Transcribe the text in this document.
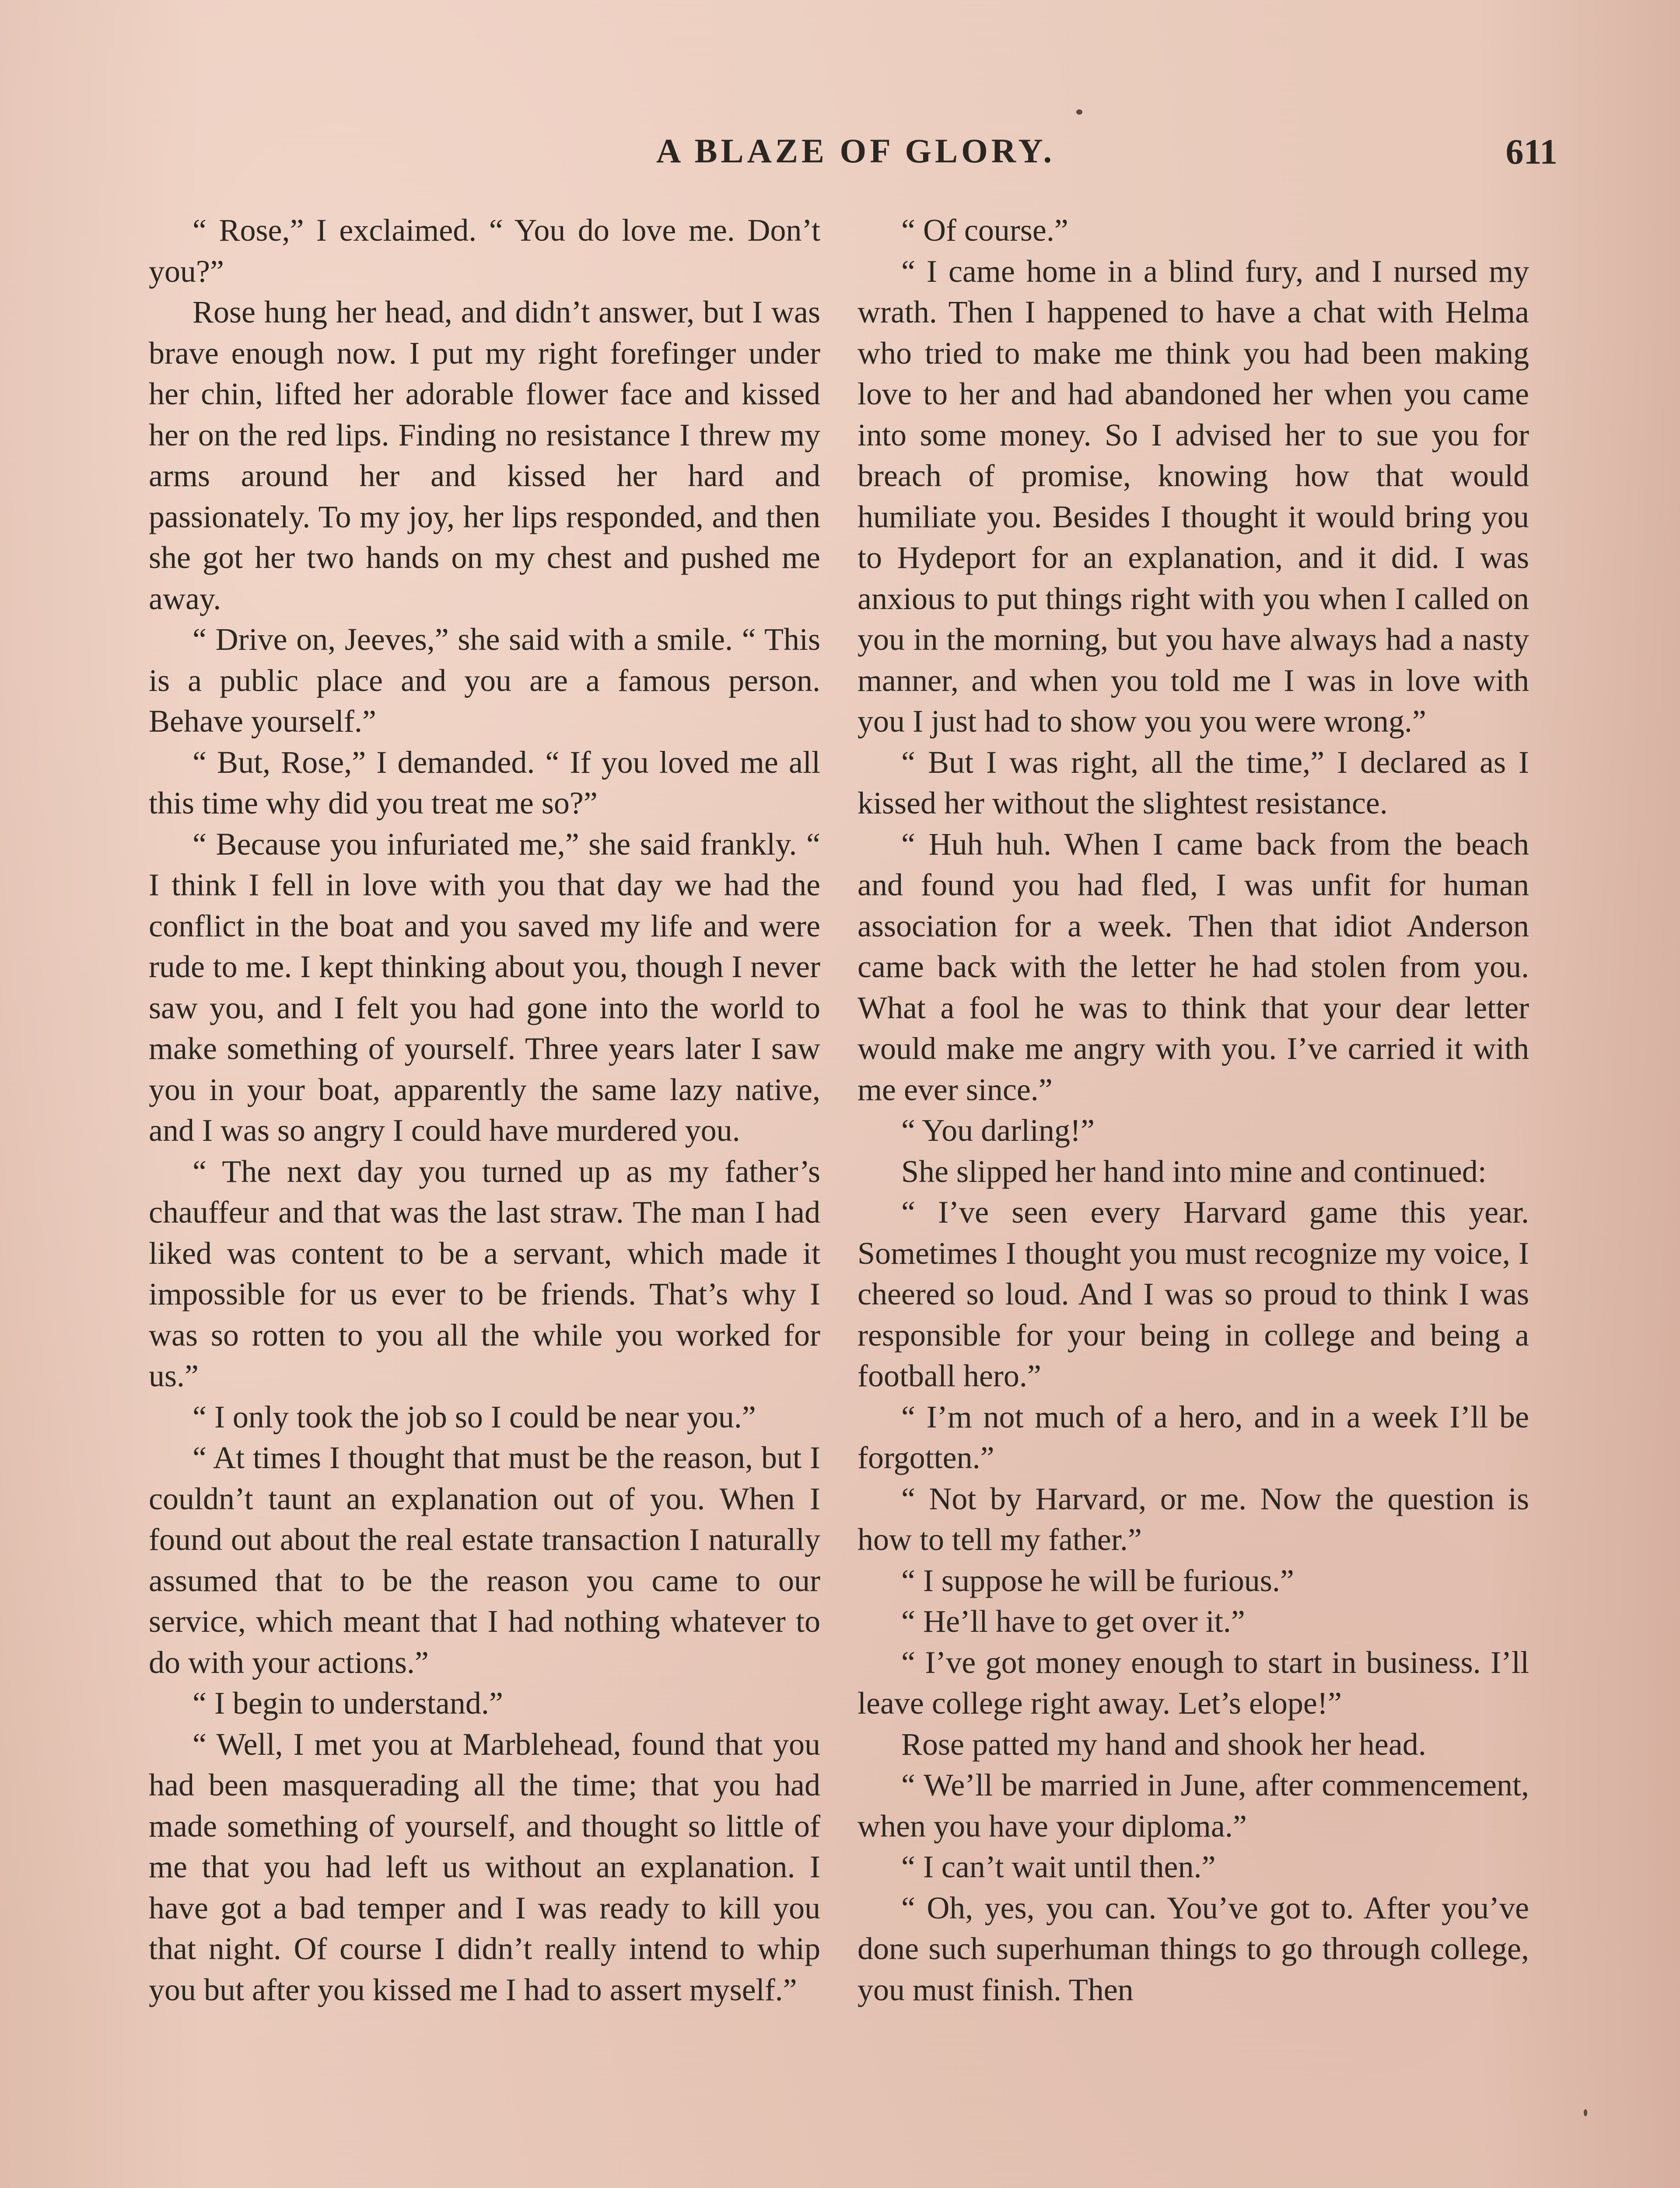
A BLAZE OF GLORY.	611

“ Rose,” I exclaimed. “ You do love me. Don’t you?”

Rose hung her head, and didn’t answer, but I was brave enough now. I put my right forefinger under her chin, lifted her adorable flower face and kissed her on the red lips. Finding no resistance I threw my arms around her and kissed her hard and passionately. To my joy, her lips responded, and then she got her two hands on my chest and pushed me away.

“ Drive on, Jeeves,” she said with a smile. “ This is a public place and you are a famous person. Behave yourself.”

“ But, Rose,” I demanded. “ If you loved me all this time why did you treat me so?”

“ Because you infuriated me,” she said frankly. “ I think I fell in love with you that day we had the conflict in the boat and you saved my life and were rude to me. I kept thinking about you, though I never saw you, and I felt you had gone into the world to make something of yourself. Three years later I saw you in your boat, apparently the same lazy native, and I was so angry I could have murdered you.

“ The next day you turned up as my father’s chauffeur and that was the last straw. The man I had liked was content to be a servant, which made it impossible for us ever to be friends. That’s why I was so rotten to you all the while you worked for us.”

“ I only took the job so I could be near you.”

“ At times I thought that must be the reason, but I couldn’t taunt an explanation out of you. When I found out about the real estate transaction I naturally assumed that to be the reason you came to our service, which meant that I had nothing whatever to do with your actions.”

“ I begin to understand.”

“ Well, I met you at Marblehead, found that you had been masquerading all the time; that you had made something of yourself, and thought so little of me that you had left us without an explanation. I have got a bad temper and I was ready to kill you that night. Of course I didn’t really intend to whip you but after you kissed me I had to assert myself.”

“ Of course.”

“ I came home in a blind fury, and I nursed my wrath. Then I happened to have a chat with Helma who tried to make me think you had been making love to her and had abandoned her when you came into some money. So I advised her to sue you for breach of promise, knowing how that would humiliate you. Besides I thought it would bring you to Hydeport for an explanation, and it did. I was anxious to put things right with you when I called on you in the morning, but you have always had a nasty manner, and when you told me I was in love with you I just had to show you you were wrong.”

“ But I was right, all the time,” I declared as I kissed her without the slightest resistance.

“ Huh huh. When I came back from the beach and found you had fled, I was unfit for human association for a week. Then that idiot Anderson came back with the letter he had stolen from you. What a fool he was to think that your dear letter would make me angry with you. I’ve carried it with me ever since.”

“ You darling!”

She slipped her hand into mine and continued:

“ I’ve seen every Harvard game this year. Sometimes I thought you must recognize my voice, I cheered so loud. And I was so proud to think I was responsible for your being in college and being a football hero.”

“ I’m not much of a hero, and in a week I’ll be forgotten.”

“ Not by Harvard, or me. Now the question is how to tell my father.”

“ I suppose he will be furious.”

“ He’ll have to get over it.”

“ I’ve got money enough to start in business. I’ll leave college right away. Let’s elope!”

Rose patted my hand and shook her head.

“ We’ll be married in June, after commencement, when you have your diploma.”

“ I can’t wait until then.”

“ Oh, yes, you can. You’ve got to. After you’ve done such superhuman things to go through college, you must finish. Then
